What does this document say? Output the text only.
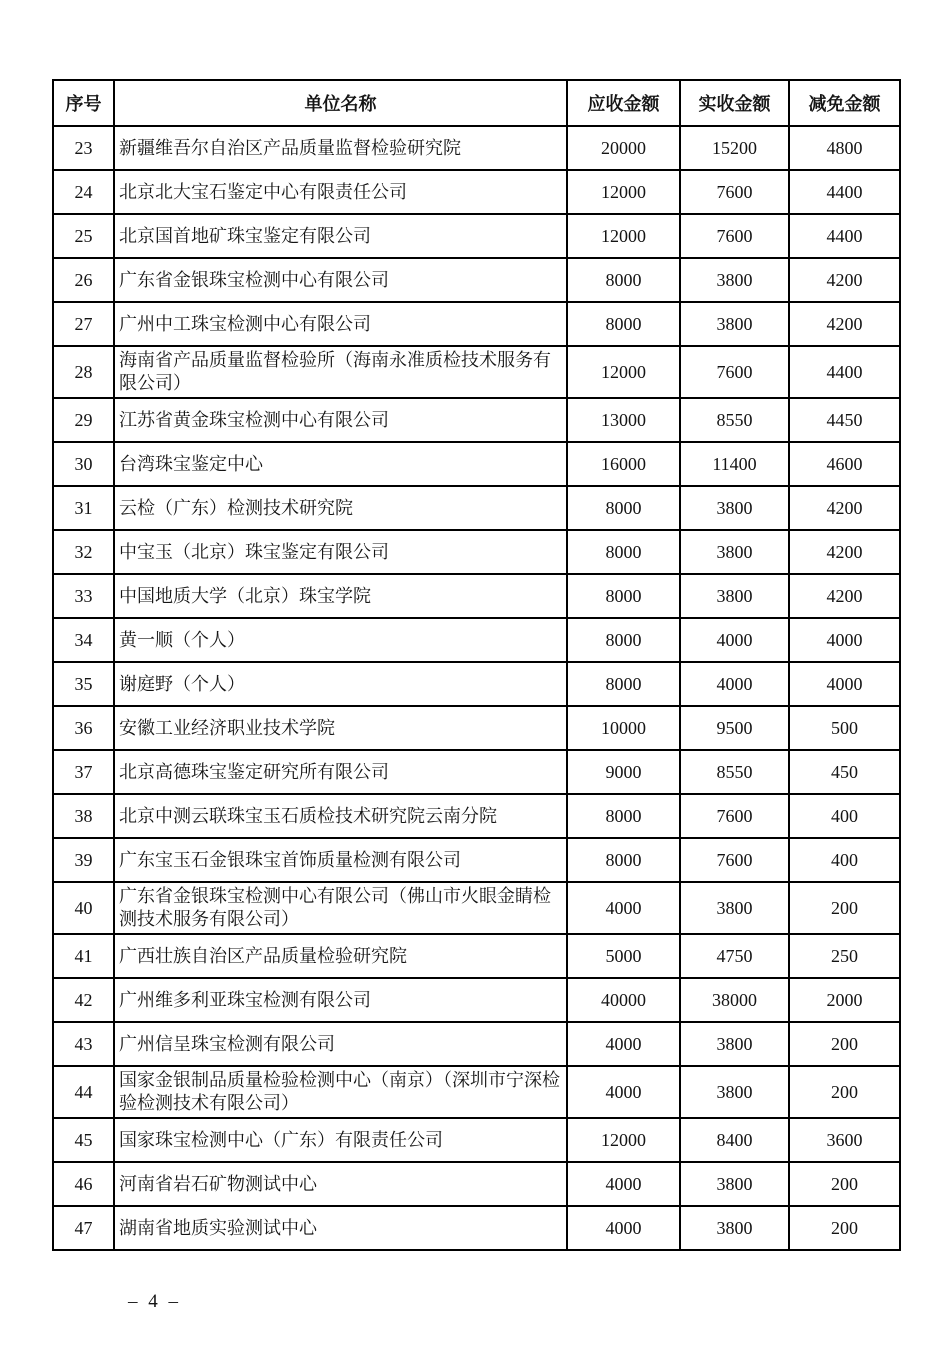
序号	单位名称	应收金额	实收金额	减免金额
23	新疆维吾尔自治区产品质量监督检验研究院	20000	15200	4800
24	北京北大宝石鉴定中心有限责任公司	12000	7600	4400
25	北京国首地矿珠宝鉴定有限公司	12000	7600	4400
26	广东省金银珠宝检测中心有限公司	8000	3800	4200
27	广州中工珠宝检测中心有限公司	8000	3800	4200
28	海南省产品质量监督检验所（海南永准质检技术服务有限公司）	12000	7600	4400
29	江苏省黄金珠宝检测中心有限公司	13000	8550	4450
30	台湾珠宝鉴定中心	16000	11400	4600
31	云检（广东）检测技术研究院	8000	3800	4200
32	中宝玉（北京）珠宝鉴定有限公司	8000	3800	4200
33	中国地质大学（北京）珠宝学院	8000	3800	4200
34	黄一顺（个人）	8000	4000	4000
35	谢庭野（个人）	8000	4000	4000
36	安徽工业经济职业技术学院	10000	9500	500
37	北京高德珠宝鉴定研究所有限公司	9000	8550	450
38	北京中测云联珠宝玉石质检技术研究院云南分院	8000	7600	400
39	广东宝玉石金银珠宝首饰质量检测有限公司	8000	7600	400
40	广东省金银珠宝检测中心有限公司（佛山市火眼金睛检测技术服务有限公司）	4000	3800	200
41	广西壮族自治区产品质量检验研究院	5000	4750	250
42	广州维多利亚珠宝检测有限公司	40000	38000	2000
43	广州信呈珠宝检测有限公司	4000	3800	200
44	国家金银制品质量检验检测中心（南京）（深圳市宁深检验检测技术有限公司）	4000	3800	200
45	国家珠宝检测中心（广东）有限责任公司	12000	8400	3600
46	河南省岩石矿物测试中心	4000	3800	200
47	湖南省地质实验测试中心	4000	3800	200
– 4 –
